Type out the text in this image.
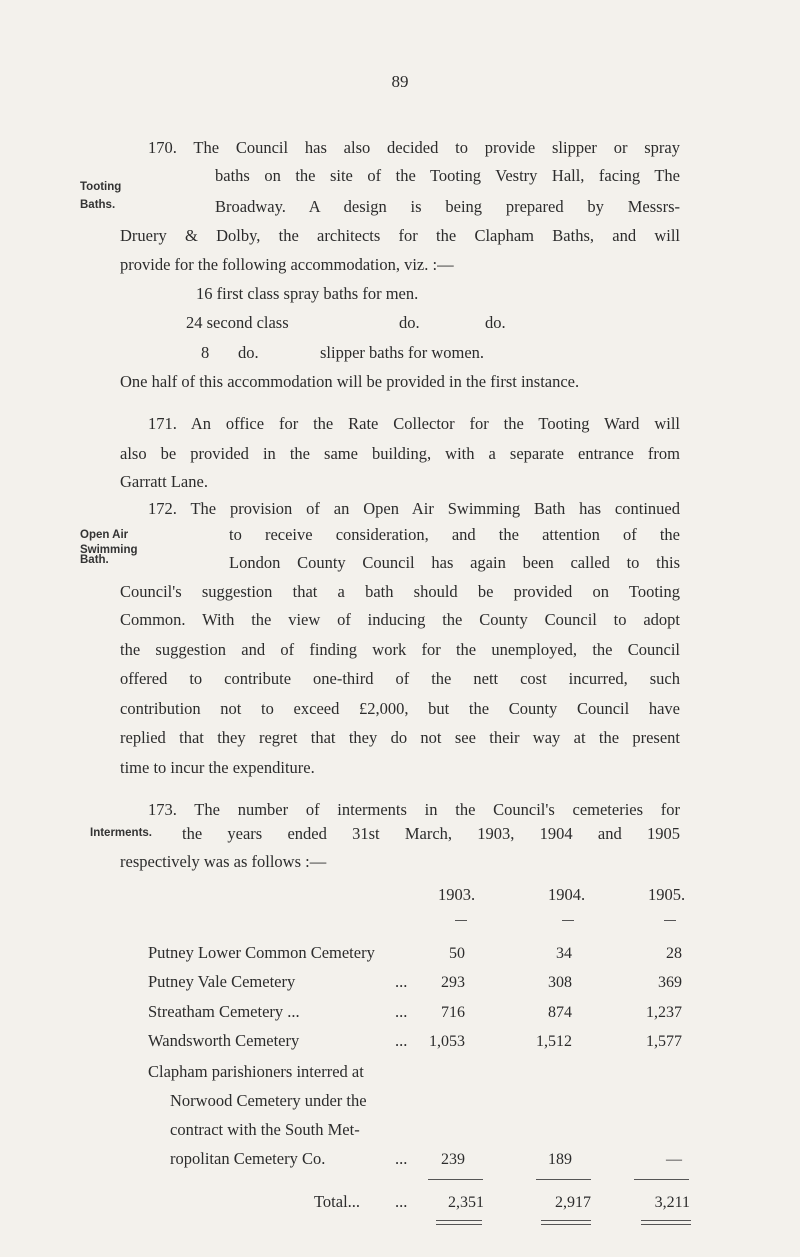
89
Tooting
Baths.
170. The Council has also decided to provide slipper or spray
baths on the site of the Tooting Vestry Hall, facing The
Broadway. A design is being prepared by Messrs-
Druery & Dolby, the architects for the Clapham Baths, and will
provide for the following accommodation, viz. :—
16 first class spray baths for men.
24 second class	do.	do.
8 do.	slipper baths for women.
One half of this accommodation will be provided in the first instance.
171. An office for the Rate Collector for the Tooting Ward will
also be provided in the same building, with a separate entrance from
Garratt Lane.
Open Air
Swimming
Bath.
172. The provision of an Open Air Swimming Bath has continued
to receive consideration, and the attention of the
London County Council has again been called to this
Council's suggestion that a bath should be provided on Tooting
Common. With the view of inducing the County Council to adopt
the suggestion and of finding work for the unemployed, the Council
offered to contribute one-third of the nett cost incurred, such
contribution not to exceed £2,000, but the County Council have
replied that they regret that they do not see their way at the present
time to incur the expenditure.
Interments.
173. The number of interments in the Council's cemeteries for
the years ended 31st March, 1903, 1904 and 1905
respectively was as follows :—
1903.	1904.	1905.
Putney Lower Common Cemetery	50	34	28
Putney Vale Cemetery	...	293	308	369
Streatham Cemetery ...	...	716	874	1,237
Wandsworth Cemetery	...	1,053	1,512	1,577
Clapham parishioners interred at
Norwood Cemetery under the
contract with the South Met-
ropolitan Cemetery Co.	...	239	189	—
Total... ...	2,351	2,917	3,211
